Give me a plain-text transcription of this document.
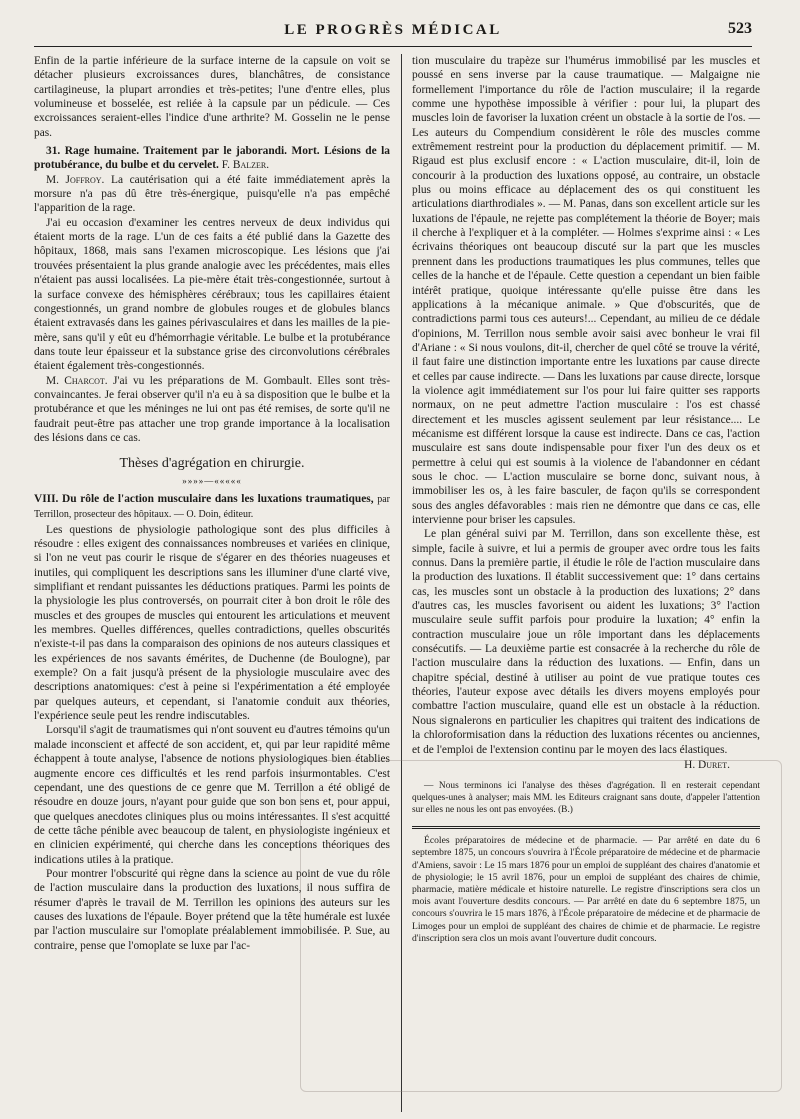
LE PROGRÈS MÉDICAL	523

Enfin de la partie inférieure de la surface interne de la capsule on voit se détacher plusieurs excroissances dures, blanchâtres, de consistance cartilagineuse, la plupart arrondies et très-petites; l'une d'entre elles, plus volumineuse et bosselée, est reliée à la capsule par un pédicule. — Ces excroissances seraient-elles l'indice d'une arthrite? M. Gosselin ne le pense pas.

31. Rage humaine. Traitement par le jaborandi. Mort. Lésions de la protubérance, du bulbe et du cervelet. F. Balzer.

M. Joffroy. La cautérisation qui a été faite immédiatement après la morsure n'a pas dû être très-énergique, puisqu'elle n'a pas empêché l'apparition de la rage.

J'ai eu occasion d'examiner les centres nerveux de deux individus qui étaient morts de la rage. L'un de ces faits a été publié dans la Gazette des hôpitaux, 1868, mais sans l'examen microscopique. Les lésions que j'ai trouvées présentaient la plus grande analogie avec les précédentes, mais elles n'étaient pas aussi localisées. La pie-mère était très-congestionnée, surtout à la surface convexe des hémisphères cérébraux; tous les capillaires étaient congestionnés, un grand nombre de globules rouges et de globules blancs étaient extravasés dans les gaines périvasculaires et dans les mailles de la pie-mère, sans qu'il y eût eu d'hémorrhagie véritable. Le bulbe et la protubérance dans toute leur épaisseur et la substance grise des circonvolutions cérébrales étaient également très-congestionnés.

M. Charcot. J'ai vu les préparations de M. Gombault. Elles sont très-convaincantes. Je ferai observer qu'il n'a eu à sa disposition que le bulbe et la protubérance et que les méninges ne lui ont pas été remises, de sorte qu'il ne faudrait peut-être pas attacher une trop grande importance à la localisation des lésions dans ce cas.

Thèses d'agrégation en chirurgie.
»»»»—«««««

VIII. Du rôle de l'action musculaire dans les luxations traumatiques, par Terrillon, prosecteur des hôpitaux. — O. Doin, éditeur.

Les questions de physiologie pathologique sont des plus difficiles à résoudre : elles exigent des connaissances nombreuses et variées en clinique, si l'on ne veut pas courir le risque de s'égarer en des théories nuageuses et inutiles, qui compliquent les descriptions sans les illuminer d'une clarté vive, simplifiant et rendant puissantes les déductions pratiques. Parmi les points de la physiologie les plus controversés, on pourrait citer à bon droit le rôle des muscles et des groupes de muscles qui entourent les articulations et meuvent les membres. Quelles différences, quelles contradictions, quelles obscurités n'existe-t-il pas dans la comparaison des opinions de nos auteurs classiques et les expériences de nos savants émérites, de Duchenne (de Boulogne), par exemple? On a fait jusqu'à présent de la physiologie musculaire avec des descriptions anatomiques: c'est à peine si l'expérimentation a été employée par quelques auteurs, et cependant, si l'anatomie conduit aux théories, l'expérience seule peut les rendre indiscutables.

Lorsqu'il s'agit de traumatismes qui n'ont souvent eu d'autres témoins qu'un malade inconscient et affecté de son accident, et, qui par leur rapidité même échappent à toute analyse, l'absence de notions physiologiques bien établies augmente encore ces difficultés et les rend parfois insurmontables. C'est cependant, une des questions de ce genre que M. Terrillon a été obligé de résoudre en douze jours, n'ayant pour guide que son bon sens et, pour appui, que quelques anecdotes cliniques plus ou moins intéressantes. Il s'est acquitté de cette tâche pénible avec beaucoup de talent, en physiologiste ingénieux et en clinicien expérimenté, qui cherche dans les conceptions théoriques des indications utiles à la pratique.

Pour montrer l'obscurité qui règne dans la science au point de vue du rôle de l'action musculaire dans la production des luxations, il nous suffira de résumer d'après le travail de M. Terrillon les opinions des auteurs sur les causes des luxations de l'épaule. Boyer prétend que la tête humérale est luxée par l'action musculaire sur l'omoplate préalablement immobilisée. P. Sue, au contraire, pense que l'omoplate se luxe par l'ac-

tion musculaire du trapèze sur l'humérus immobilisé par les muscles et poussé en sens inverse par la cause traumatique. — Malgaigne nie formellement l'importance du rôle de l'action musculaire; il la regarde comme une hypothèse impossible à vérifier : pour lui, la plupart des muscles loin de favoriser la luxation créent un obstacle à la sortie de l'os. — Les auteurs du Compendium considèrent le rôle des muscles comme extrêmement restreint pour la production du déplacement primitif. — M. Rigaud est plus exclusif encore : « L'action musculaire, dit-il, loin de concourir à la production des luxations opposé, au contraire, un obstacle plus ou moins efficace au déplacement des os qui constituent les articulations diarthrodiales ». — M. Panas, dans son excellent article sur les luxations de l'épaule, ne rejette pas complétement la théorie de Boyer; mais il cherche à l'expliquer et à la compléter. — Holmes s'exprime ainsi : « Les écrivains théoriques ont beaucoup discuté sur la part que les muscles prennent dans les productions traumatiques les plus communes, telles que celles de la hanche et de l'épaule. Cette question a cependant un bien faible intérêt pratique, quoique intéressante qu'elle puisse être dans les applications à la mécanique animale. » Que d'obscurités, que de contradictions parmi tous ces auteurs!... Cependant, au milieu de ce dédale d'opinions, M. Terrillon nous semble avoir saisi avec bonheur le vrai fil d'Ariane : « Si nous voulons, dit-il, chercher de quel côté se trouve la vérité, il faut faire une distinction importante entre les luxations par cause directe et celles par cause indirecte. — Dans les luxations par cause directe, lorsque la violence agit immédiatement sur l'os pour lui faire quitter ses rapports normaux, on ne peut admettre l'action musculaire : l'os est chassé directement et les muscles agissent seulement par leur résistance.... Le mécanisme est différent lorsque la cause est indirecte. Dans ce cas, l'action musculaire est sans doute indispensable pour fixer l'un des deux os et permettre à celui qui est soumis à la violence de l'abandonner en cédant sous le choc. — L'action musculaire se borne donc, suivant nous, à immobiliser les os, à les faire basculer, de façon qu'ils se correspondent sous des angles défavorables : mais rien ne démontre que dans ce cas, elle intervienne pour briser les capsules.

Le plan général suivi par M. Terrillon, dans son excellente thèse, est simple, facile à suivre, et lui a permis de grouper avec ordre tous les faits connus. Dans la première partie, il étudie le rôle de l'action musculaire dans la production des luxations. Il établit successivement que: 1° dans certains cas, les muscles sont un obstacle à la production des luxations; 2° dans d'autres cas, les muscles favorisent ou aident les luxations; 3° l'action musculaire seule suffit parfois pour produire la luxation; 4° enfin la contraction musculaire joue un rôle important dans les déplacements consécutifs. — La deuxième partie est consacrée à la recherche du rôle de l'action musculaire dans la réduction des luxations. — Enfin, dans un chapitre spécial, destiné à utiliser au point de vue pratique toutes ces théories, l'auteur expose avec détails les divers moyens employés pour combattre l'action musculaire, quand elle est un obstacle à la réduction. Nous signalerons en particulier les chapitres qui traitent des indications de la chloroformisation dans la réduction des luxations récentes ou anciennes, et de l'emploi de l'extension continu par le moyen des lacs élastiques.

H. Duret.

— Nous terminons ici l'analyse des thèses d'agrégation. Il en resterait cependant quelques-unes à analyser; mais MM. les Editeurs craignant sans doute, d'appeler l'attention sur elles ne nous les ont pas envoyées. (B.)

Écoles préparatoires de médecine et de pharmacie. — Par arrêté en date du 6 septembre 1875, un concours s'ouvrira à l'École préparatoire de médecine et de pharmacie d'Amiens, savoir : Le 15 mars 1876 pour un emploi de suppléant des chaires d'anatomie et de physiologie; le 15 avril 1876, pour un emploi de suppléant des chaires de chimie, pharmacie, matière médicale et histoire naturelle. Le registre d'inscriptions sera clos un mois avant l'ouverture desdits concours. — Par arrêté en date du 6 septembre 1875, un concours s'ouvrira le 15 mars 1876, à l'École préparatoire de médecine et de pharmacie de Limoges pour un emploi de suppléant des chaires de chimie et de pharmacie. Le registre d'inscription sera clos un mois avant l'ouverture dudit concours.
